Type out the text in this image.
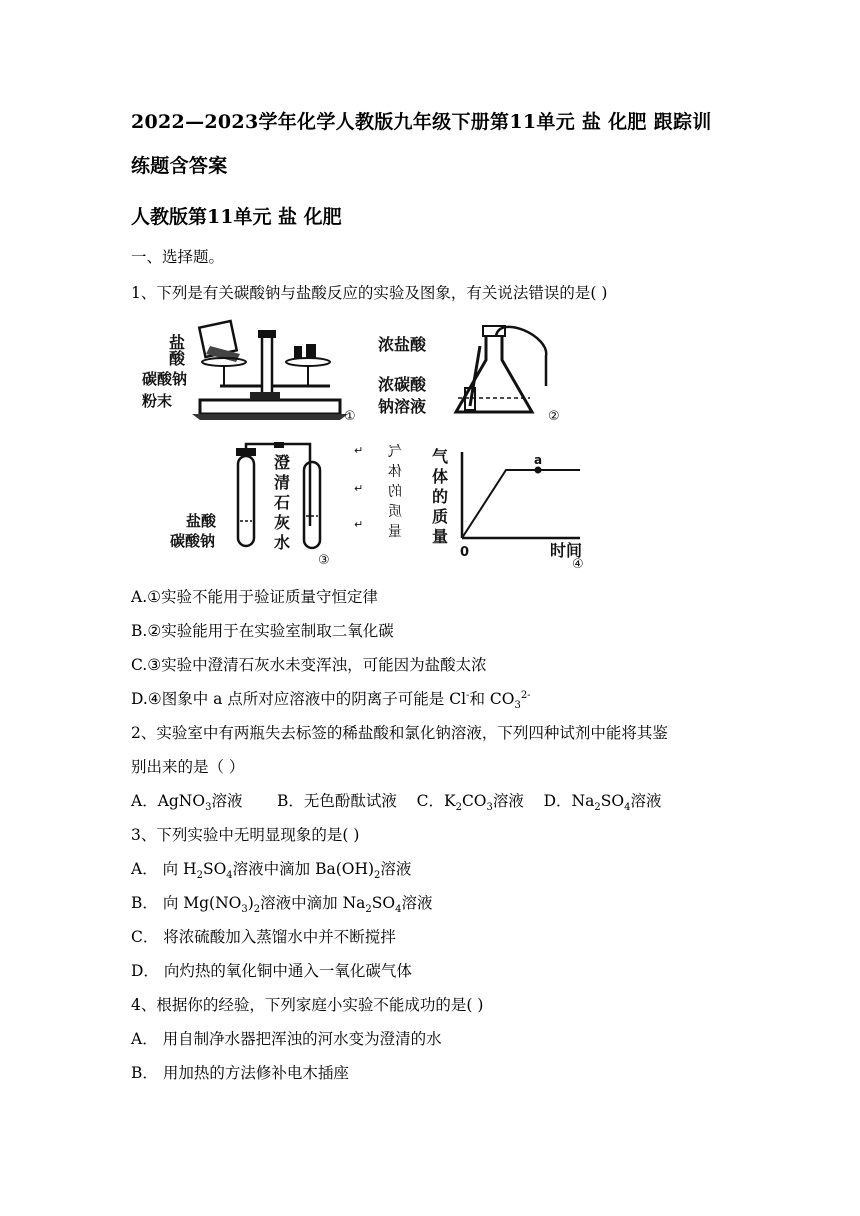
2022—2023学年化学人教版九年级下册第11单元 盐 化肥 跟踪训
练题含答案
人教版第11单元 盐 化肥
一、选择题。
1、下列是有关碳酸钠与盐酸反应的实验及图象，有关说法错误的是( )
盐酸
碳酸钠
粉末
①
浓盐酸
浓碳酸
钠溶液
②
澄
清
石
灰
水
盐酸
碳酸钠
③
↵
↵
↵
气
体
的
质
量
气
体
的
质
量
0
a
时间
④
A.①实验不能用于验证质量守恒定律
B.②实验能用于在实验室制取二氧化碳
C.③实验中澄清石灰水未变浑浊，可能因为盐酸太浓
D.④图象中 a 点所对应溶液中的阴离子可能是 Cl-和 $CO_3^{2-}$
2、实验室中有两瓶失去标签的稀盐酸和氯化钠溶液，下列四种试剂中能将其鉴
别出来的是（ ）
A．AgNO$_3$溶液 B．无色酚酞试液 C．$K_2CO_3$溶液 D．$Na_2SO_4$溶液
3、下列实验中无明显现象的是( )
A． 向 $H_2SO_4$溶液中滴加 $Ba(OH)_2$溶液
B． 向 $Mg(NO_3)_2$溶液中滴加 $Na_2SO_4$溶液
C． 将浓硫酸加入蒸馏水中并不断搅拌
D． 向灼热的氧化铜中通入一氧化碳气体
4、根据你的经验，下列家庭小实验不能成功的是( )
A． 用自制净水器把浑浊的河水变为澄清的水
B． 用加热的方法修补电木插座
